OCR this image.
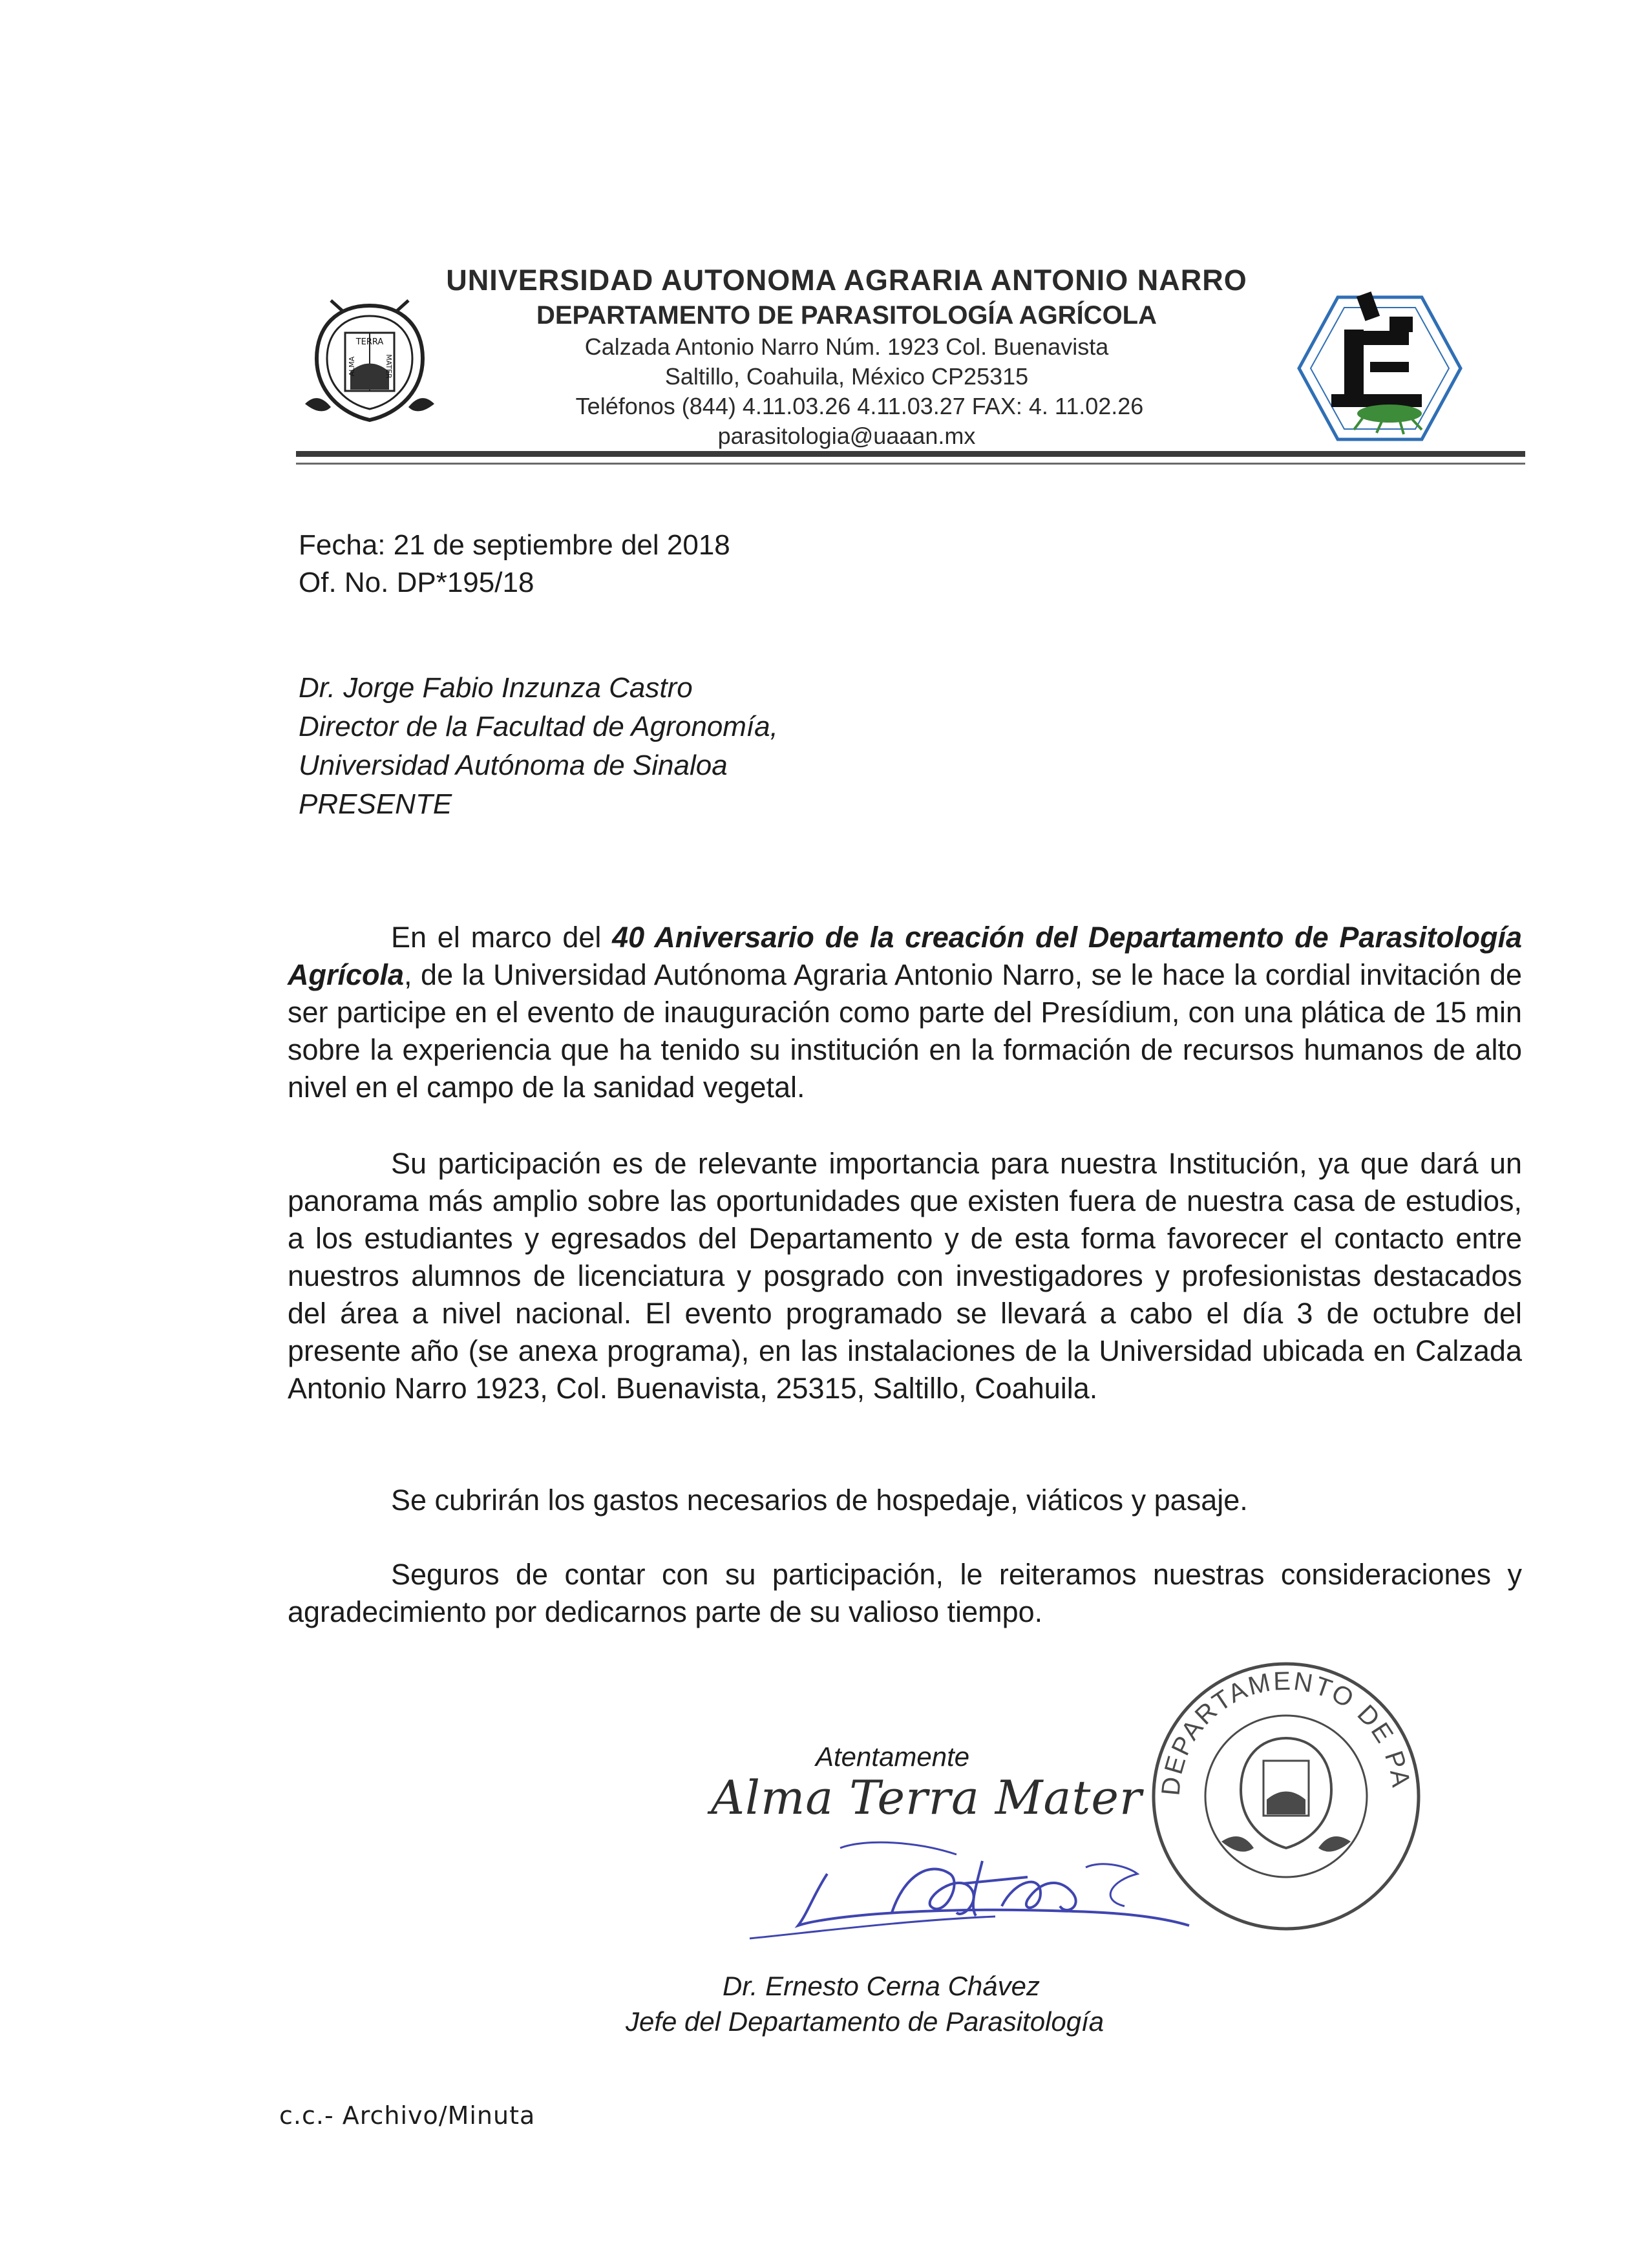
TERRA
ALMA	MATER
UNIVERSIDAD AUTONOMA AGRARIA ANTONIO NARRO
DEPARTAMENTO DE PARASITOLOGÍA AGRÍCOLA
Calzada Antonio Narro Núm. 1923 Col. Buenavista
Saltillo, Coahuila, México CP25315
Teléfonos (844) 4.11.03.26 4.11.03.27 FAX: 4. 11.02.26
parasitologia@uaaan.mx
Fecha: 21 de septiembre del 2018
Of. No. DP*195/18
Dr. Jorge Fabio Inzunza Castro
Director de la Facultad de Agronomía,
Universidad Autónoma de Sinaloa
PRESENTE
En el marco del 40 Aniversario de la creación del Departamento de Parasitología Agrícola, de la Universidad Autónoma Agraria Antonio Narro, se le hace la cordial invitación de ser participe en el evento de inauguración como parte del Presídium, con una plática de 15 min sobre la experiencia que ha tenido su institución en la formación de recursos humanos de alto nivel en el campo de la sanidad vegetal.
Su participación es de relevante importancia para nuestra Institución, ya que dará un panorama más amplio sobre las oportunidades que existen fuera de nuestra casa de estudios, a los estudiantes y egresados del Departamento y de esta forma favorecer el contacto entre nuestros alumnos de licenciatura y posgrado con investigadores y profesionistas destacados del área a nivel nacional. El evento programado se llevará a cabo el día 3 de octubre del presente año (se anexa programa), en las instalaciones de la Universidad ubicada en Calzada Antonio Narro 1923, Col. Buenavista, 25315, Saltillo, Coahuila.
Se cubrirán los gastos necesarios de hospedaje, viáticos y pasaje.
Seguros de contar con su participación, le reiteramos nuestras consideraciones y agradecimiento por dedicarnos parte de su valioso tiempo.
Atentamente
Alma Terra Mater DEPARTAMENTO DE PA
Dr. Ernesto Cerna Chávez
Jefe del Departamento de Parasitología
c.c.- Archivo/Minuta
